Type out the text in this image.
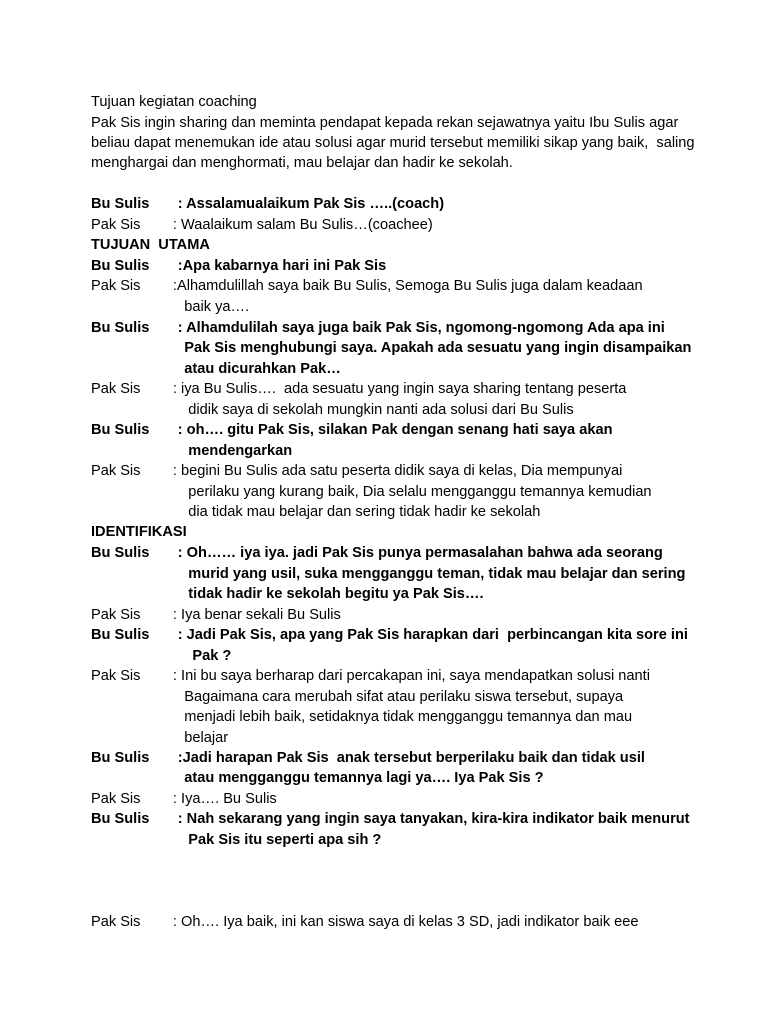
Tujuan kegiatan coaching
Pak Sis ingin sharing dan meminta pendapat kepada rekan sejawatnya yaitu Ibu Sulis agar
beliau dapat menemukan ide atau solusi agar murid tersebut memiliki sikap yang baik,  saling
menghargai dan menghormati, mau belajar dan hadir ke sekolah.
Bu Sulis       : Assalamualaikum Pak Sis …..(coach)
Pak Sis        : Waalaikum salam Bu Sulis…(coachee)
TUJUAN  UTAMA
Bu Sulis       :Apa kabarnya hari ini Pak Sis
Pak Sis        :Alhamdulillah saya baik Bu Sulis, Semoga Bu Sulis juga dalam keadaan
baik ya….
Bu Sulis       : Alhamdulilah saya juga baik Pak Sis, ngomong-ngomong Ada apa ini
Pak Sis menghubungi saya. Apakah ada sesuatu yang ingin disampaikan
atau dicurahkan Pak…
Pak Sis        : iya Bu Sulis….  ada sesuatu yang ingin saya sharing tentang peserta
didik saya di sekolah mungkin nanti ada solusi dari Bu Sulis
Bu Sulis       : oh…. gitu Pak Sis, silakan Pak dengan senang hati saya akan
mendengarkan
Pak Sis        : begini Bu Sulis ada satu peserta didik saya di kelas, Dia mempunyai
perilaku yang kurang baik, Dia selalu mengganggu temannya kemudian
dia tidak mau belajar dan sering tidak hadir ke sekolah
IDENTIFIKASI
Bu Sulis       : Oh…… iya iya. jadi Pak Sis punya permasalahan bahwa ada seorang
murid yang usil, suka mengganggu teman, tidak mau belajar dan sering
tidak hadir ke sekolah begitu ya Pak Sis….
Pak Sis        : Iya benar sekali Bu Sulis
Bu Sulis       : Jadi Pak Sis, apa yang Pak Sis harapkan dari  perbincangan kita sore ini
Pak ?
Pak Sis        : Ini bu saya berharap dari percakapan ini, saya mendapatkan solusi nanti
Bagaimana cara merubah sifat atau perilaku siswa tersebut, supaya
menjadi lebih baik, setidaknya tidak mengganggu temannya dan mau
belajar
Bu Sulis       :Jadi harapan Pak Sis  anak tersebut berperilaku baik dan tidak usil
atau mengganggu temannya lagi ya…. Iya Pak Sis ?
Pak Sis        : Iya…. Bu Sulis
Bu Sulis       : Nah sekarang yang ingin saya tanyakan, kira-kira indikator baik menurut
Pak Sis itu seperti apa sih ?
Pak Sis        : Oh…. Iya baik, ini kan siswa saya di kelas 3 SD, jadi indikator baik eee
